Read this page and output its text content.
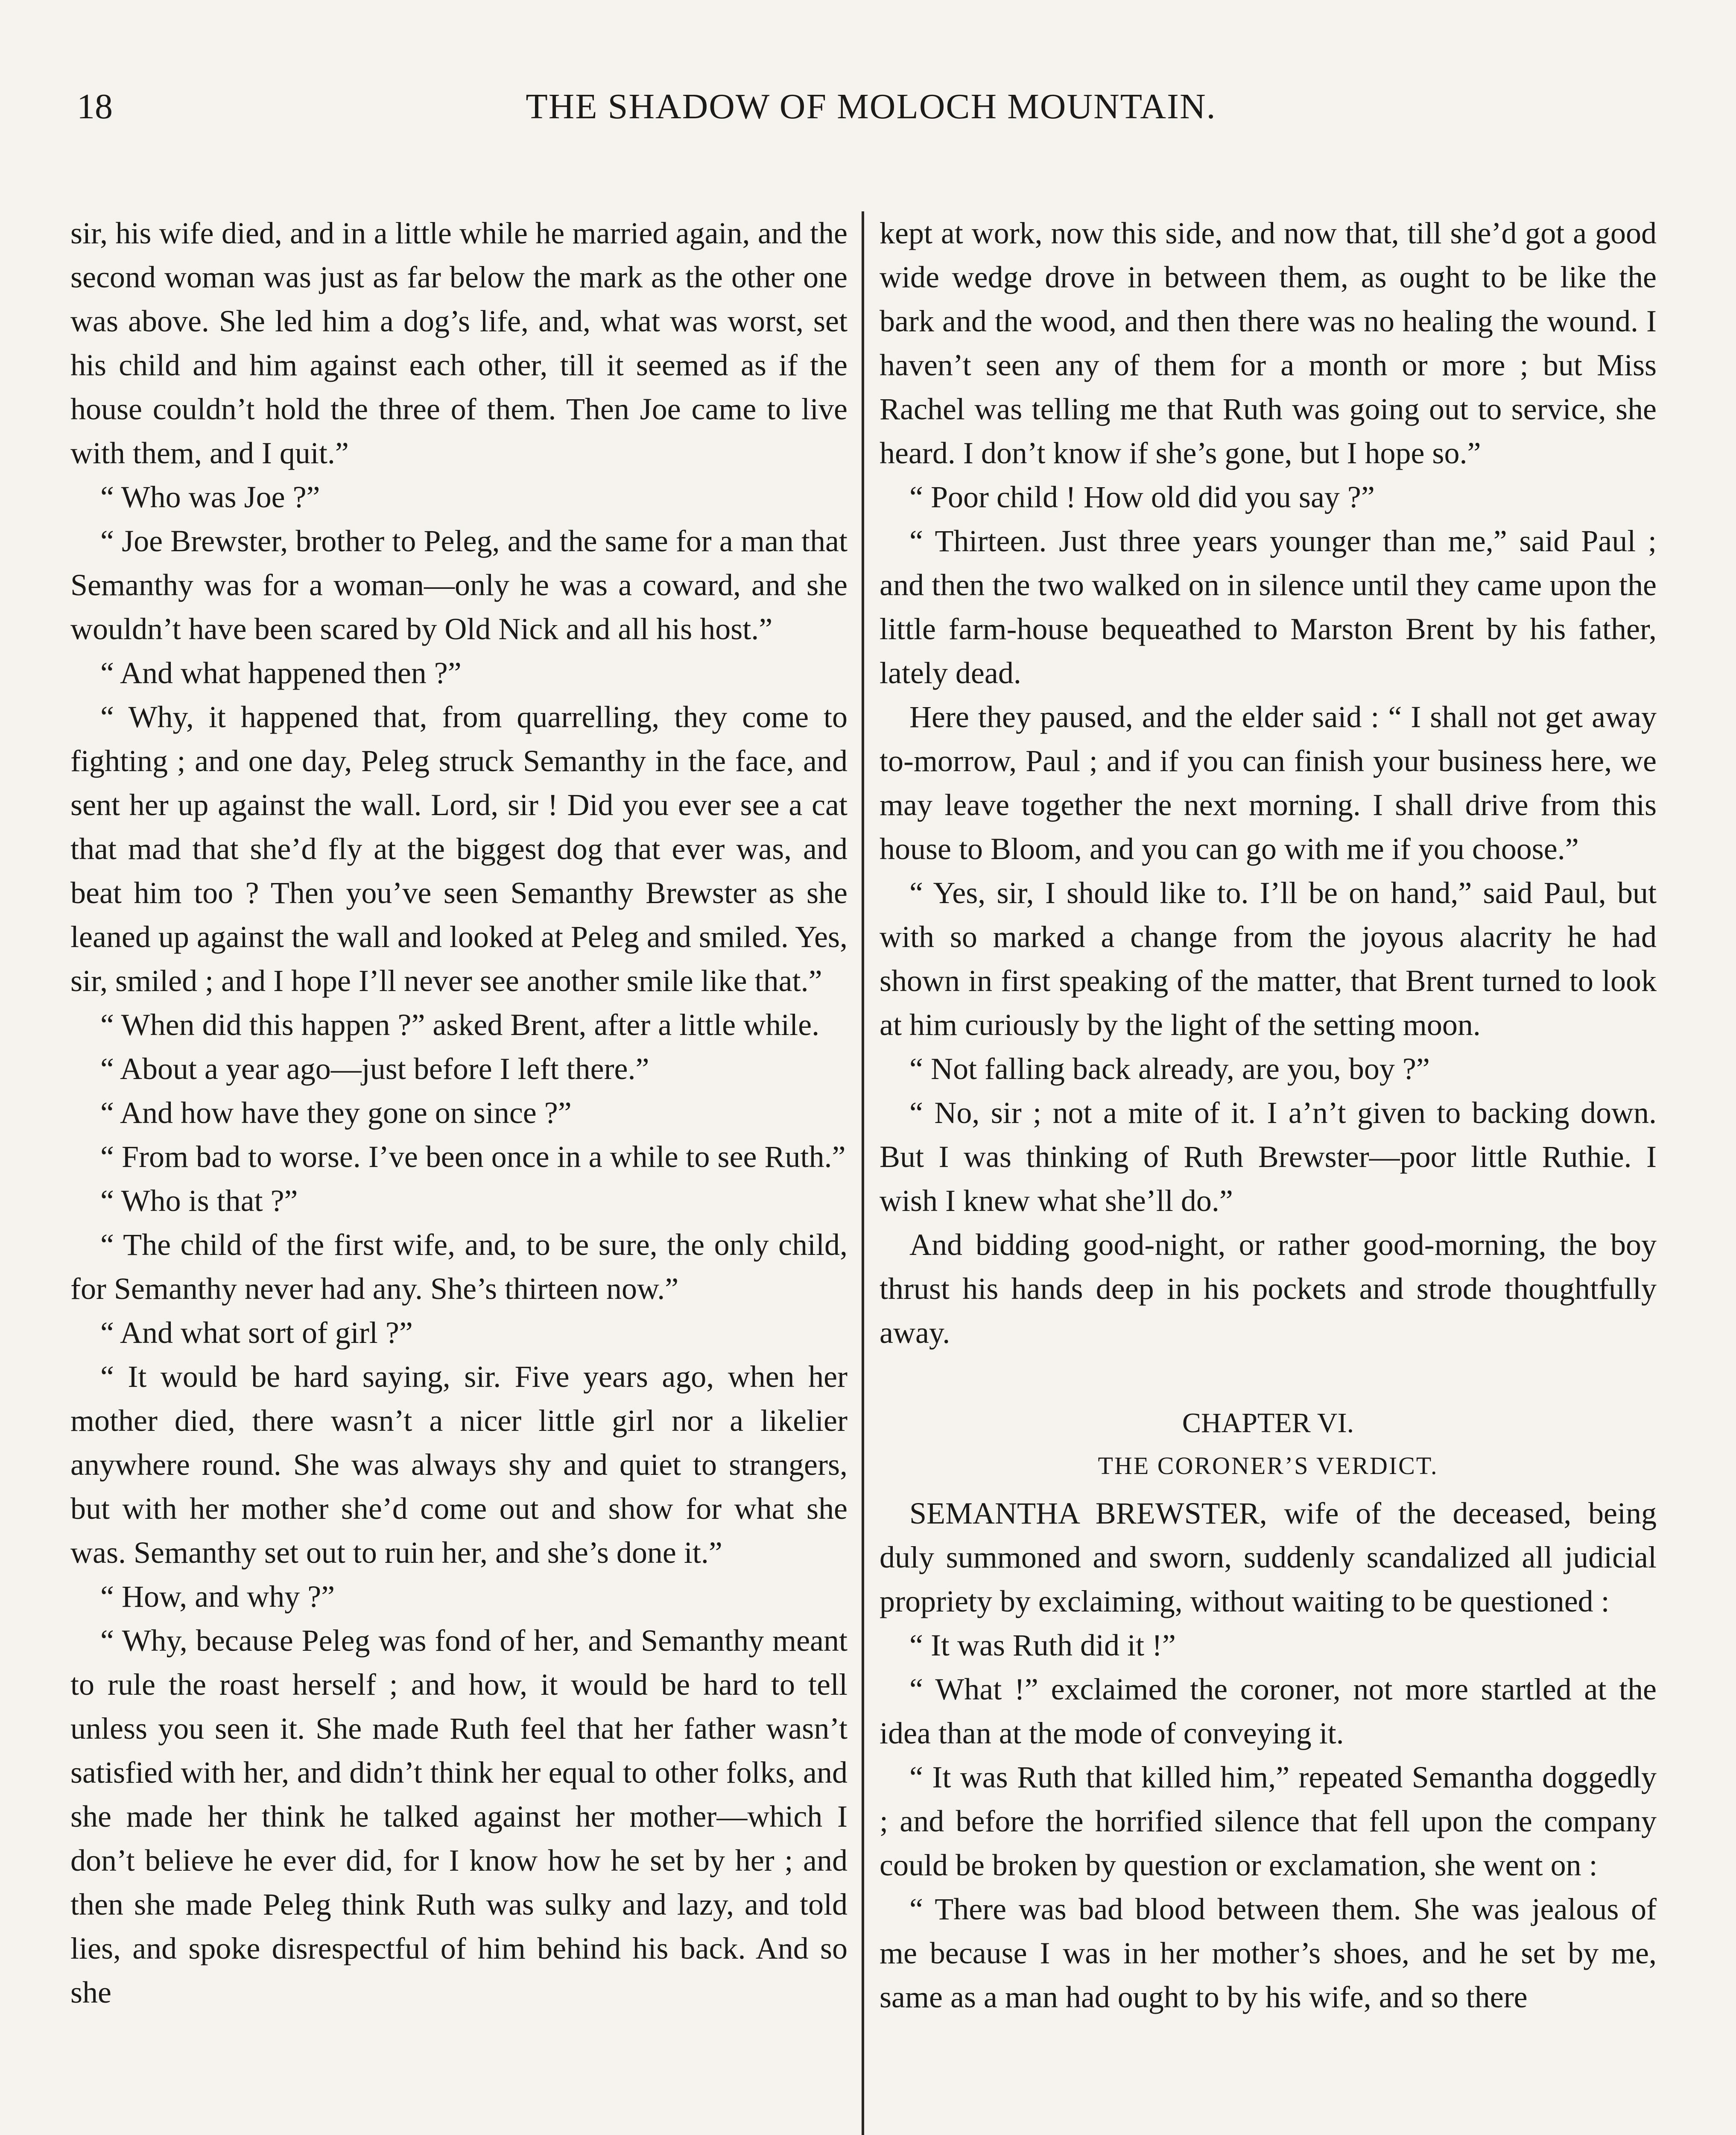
18	THE SHADOW OF MOLOCH MOUNTAIN.

sir, his wife died, and in a little while he married again, and the second woman was just as far below the mark as the other one was above. She led him a dog’s life, and, what was worst, set his child and him against each other, till it seemed as if the house couldn’t hold the three of them. Then Joe came to live with them, and I quit.”

“ Who was Joe ?”

“ Joe Brewster, brother to Peleg, and the same for a man that Semanthy was for a woman—only he was a coward, and she wouldn’t have been scared by Old Nick and all his host.”

“ And what happened then ?”

“ Why, it happened that, from quarrelling, they come to fighting ; and one day, Peleg struck Semanthy in the face, and sent her up against the wall. Lord, sir ! Did you ever see a cat that mad that she’d fly at the biggest dog that ever was, and beat him too ? Then you’ve seen Semanthy Brewster as she leaned up against the wall and looked at Peleg and smiled. Yes, sir, smiled ; and I hope I’ll never see another smile like that.”

“ When did this happen ?” asked Brent, after a little while.

“ About a year ago—just before I left there.”

“ And how have they gone on since ?”

“ From bad to worse. I’ve been once in a while to see Ruth.”

“ Who is that ?”

“ The child of the first wife, and, to be sure, the only child, for Semanthy never had any. She’s thirteen now.”

“ And what sort of girl ?”

“ It would be hard saying, sir. Five years ago, when her mother died, there wasn’t a nicer little girl nor a likelier anywhere round. She was always shy and quiet to strangers, but with her mother she’d come out and show for what she was. Semanthy set out to ruin her, and she’s done it.”

“ How, and why ?”

“ Why, because Peleg was fond of her, and Semanthy meant to rule the roast herself ; and how, it would be hard to tell unless you seen it. She made Ruth feel that her father wasn’t satisfied with her, and didn’t think her equal to other folks, and she made her think he talked against her mother—which I don’t believe he ever did, for I know how he set by her ; and then she made Peleg think Ruth was sulky and lazy, and told lies, and spoke disrespectful of him behind his back. And so she

kept at work, now this side, and now that, till she’d got a good wide wedge drove in between them, as ought to be like the bark and the wood, and then there was no healing the wound. I haven’t seen any of them for a month or more ; but Miss Rachel was telling me that Ruth was going out to service, she heard. I don’t know if she’s gone, but I hope so.”

“ Poor child ! How old did you say ?”

“ Thirteen. Just three years younger than me,” said Paul ; and then the two walked on in silence until they came upon the little farm-house bequeathed to Marston Brent by his father, lately dead.

Here they paused, and the elder said : “ I shall not get away to-morrow, Paul ; and if you can finish your business here, we may leave together the next morning. I shall drive from this house to Bloom, and you can go with me if you choose.”

“ Yes, sir, I should like to. I’ll be on hand,” said Paul, but with so marked a change from the joyous alacrity he had shown in first speaking of the matter, that Brent turned to look at him curiously by the light of the setting moon.

“ Not falling back already, are you, boy ?”

“ No, sir ; not a mite of it. I a’n’t given to backing down. But I was thinking of Ruth Brewster—poor little Ruthie. I wish I knew what she’ll do.”

And bidding good-night, or rather good-morning, the boy thrust his hands deep in his pockets and strode thoughtfully away.

CHAPTER VI.

THE CORONER’S VERDICT.

SEMANTHA BREWSTER, wife of the deceased, being duly summoned and sworn, suddenly scandalized all judicial propriety by exclaiming, without waiting to be questioned :

“ It was Ruth did it !”

“ What !” exclaimed the coroner, not more startled at the idea than at the mode of conveying it.

“ It was Ruth that killed him,” repeated Semantha doggedly ; and before the horrified silence that fell upon the company could be broken by question or exclamation, she went on :

“ There was bad blood between them. She was jealous of me because I was in her mother’s shoes, and he set by me, same as a man had ought to by his wife, and so there
